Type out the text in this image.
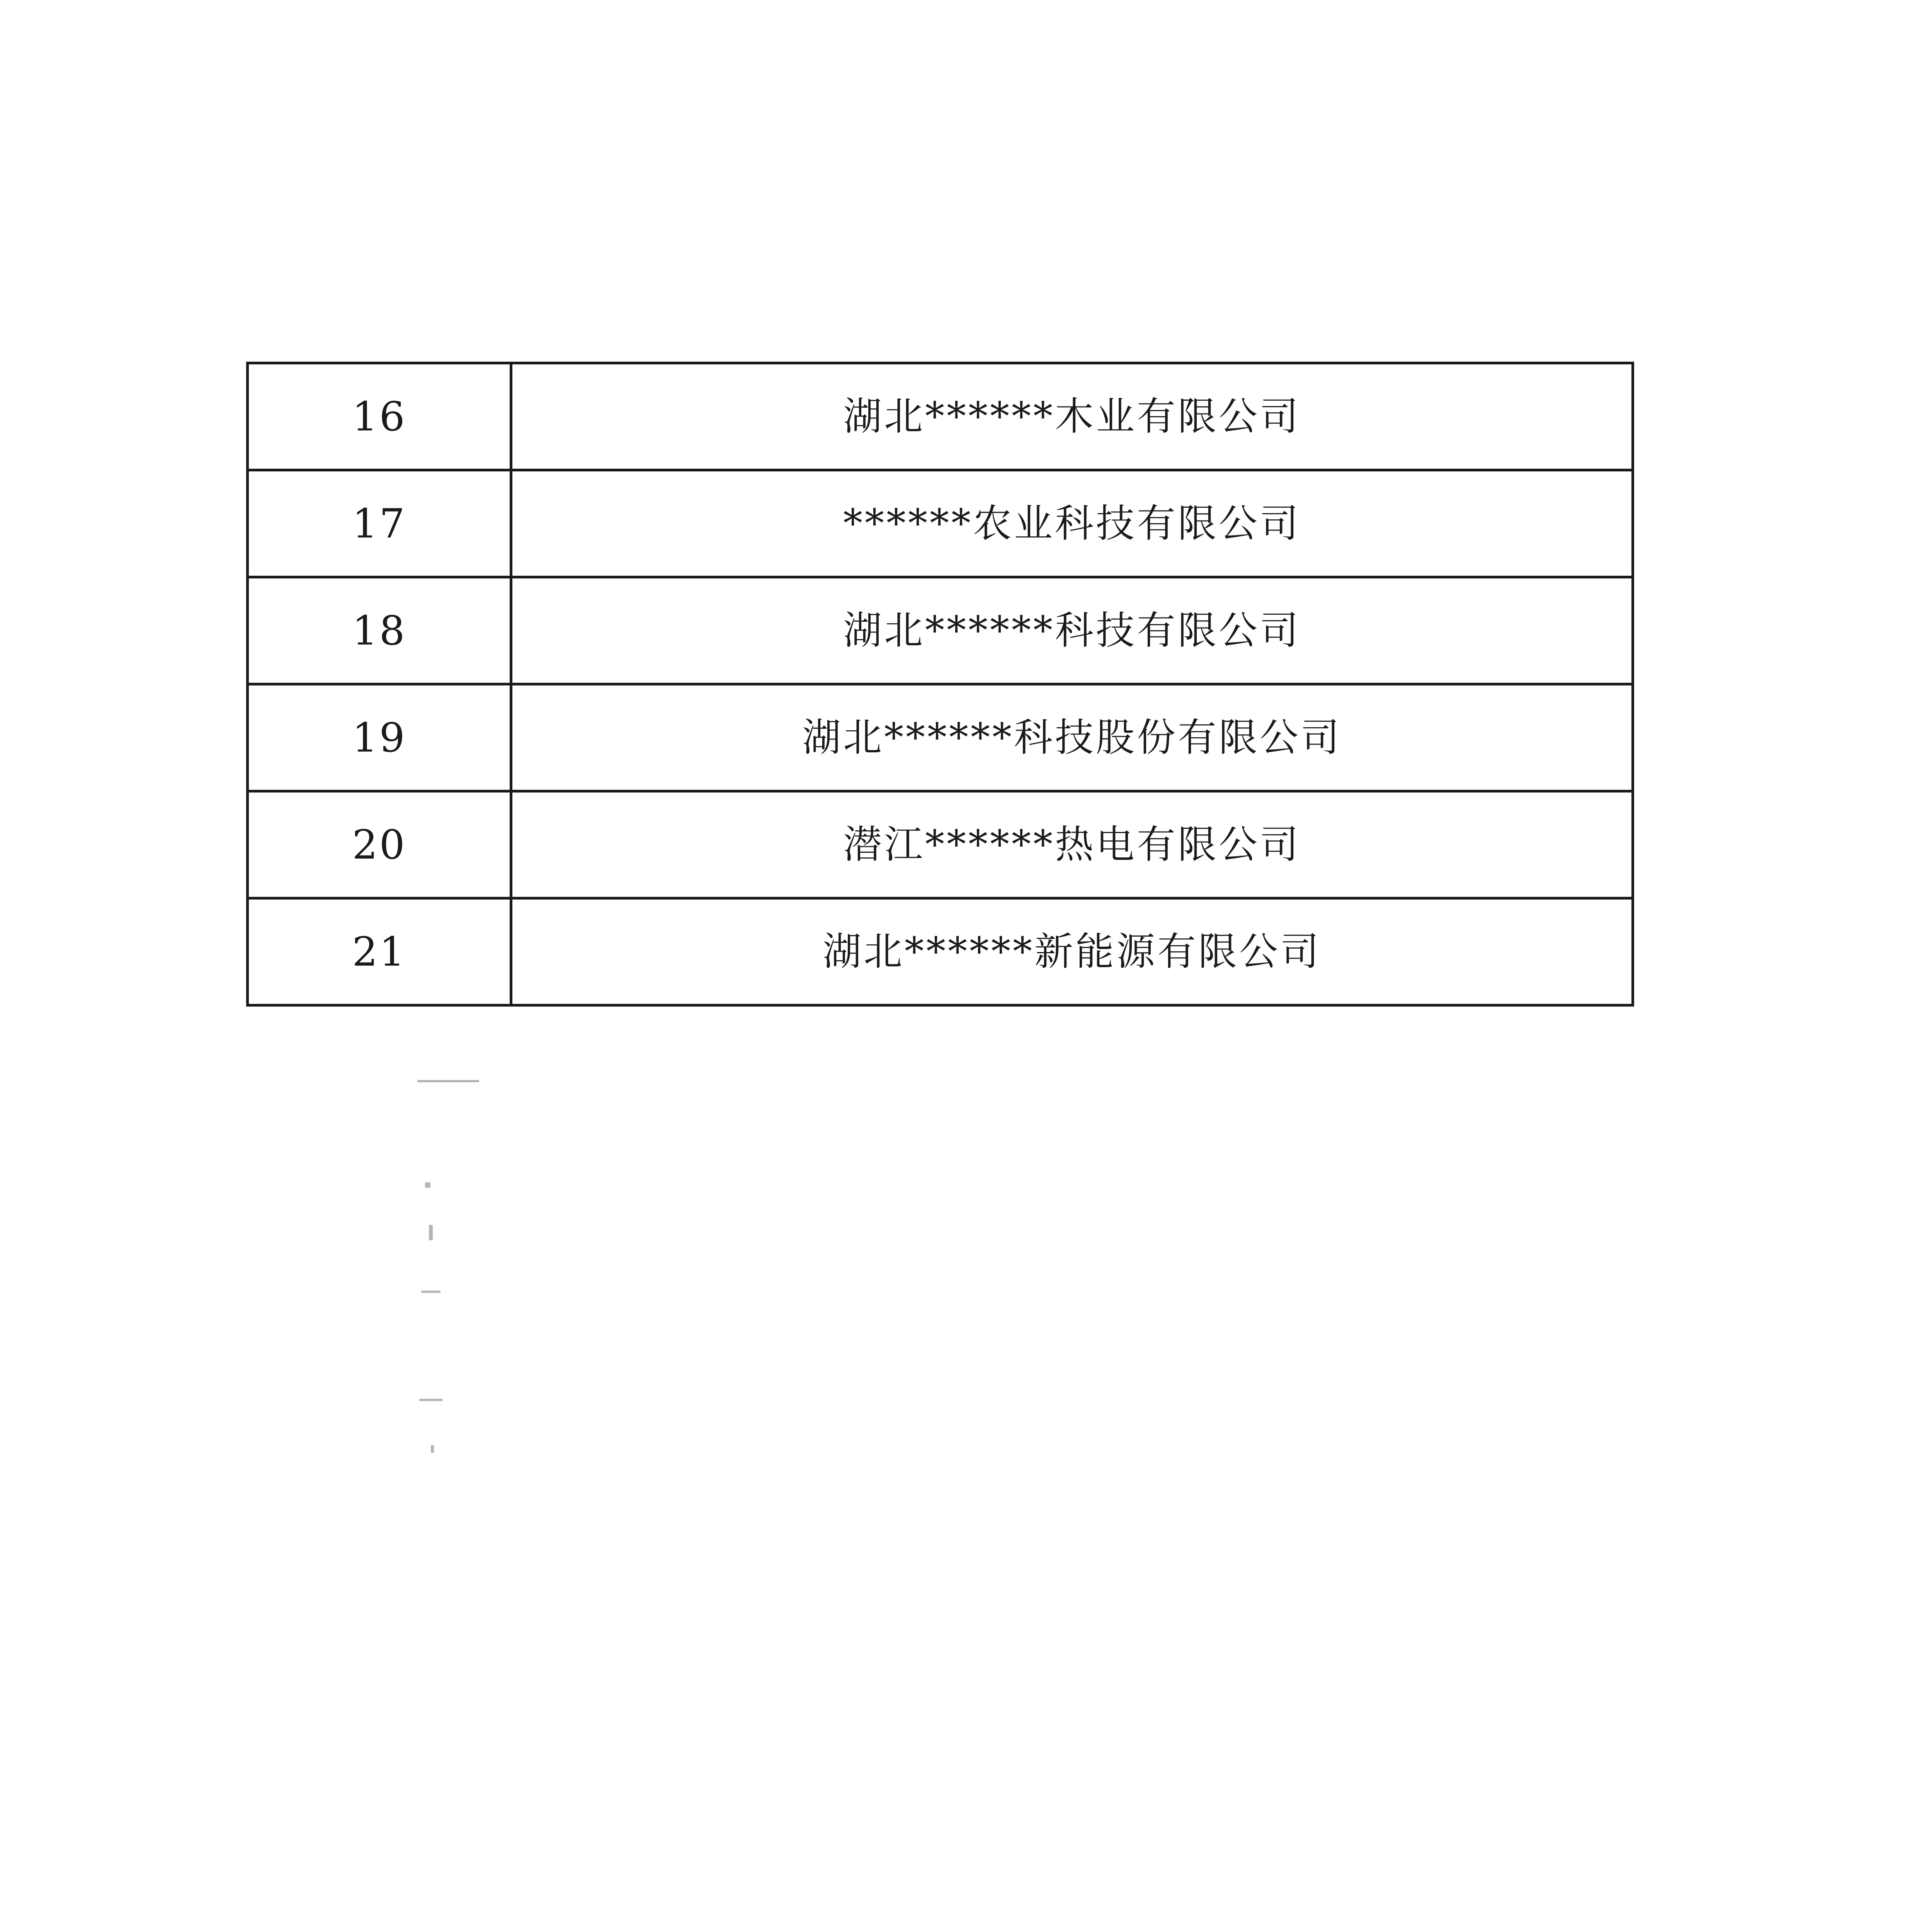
16	湖北******木业有限公司
17	******农业科技有限公司
18	湖北******科技有限公司
19	湖北******科技股份有限公司
20	潜江******热电有限公司
21	湖北******新能源有限公司
